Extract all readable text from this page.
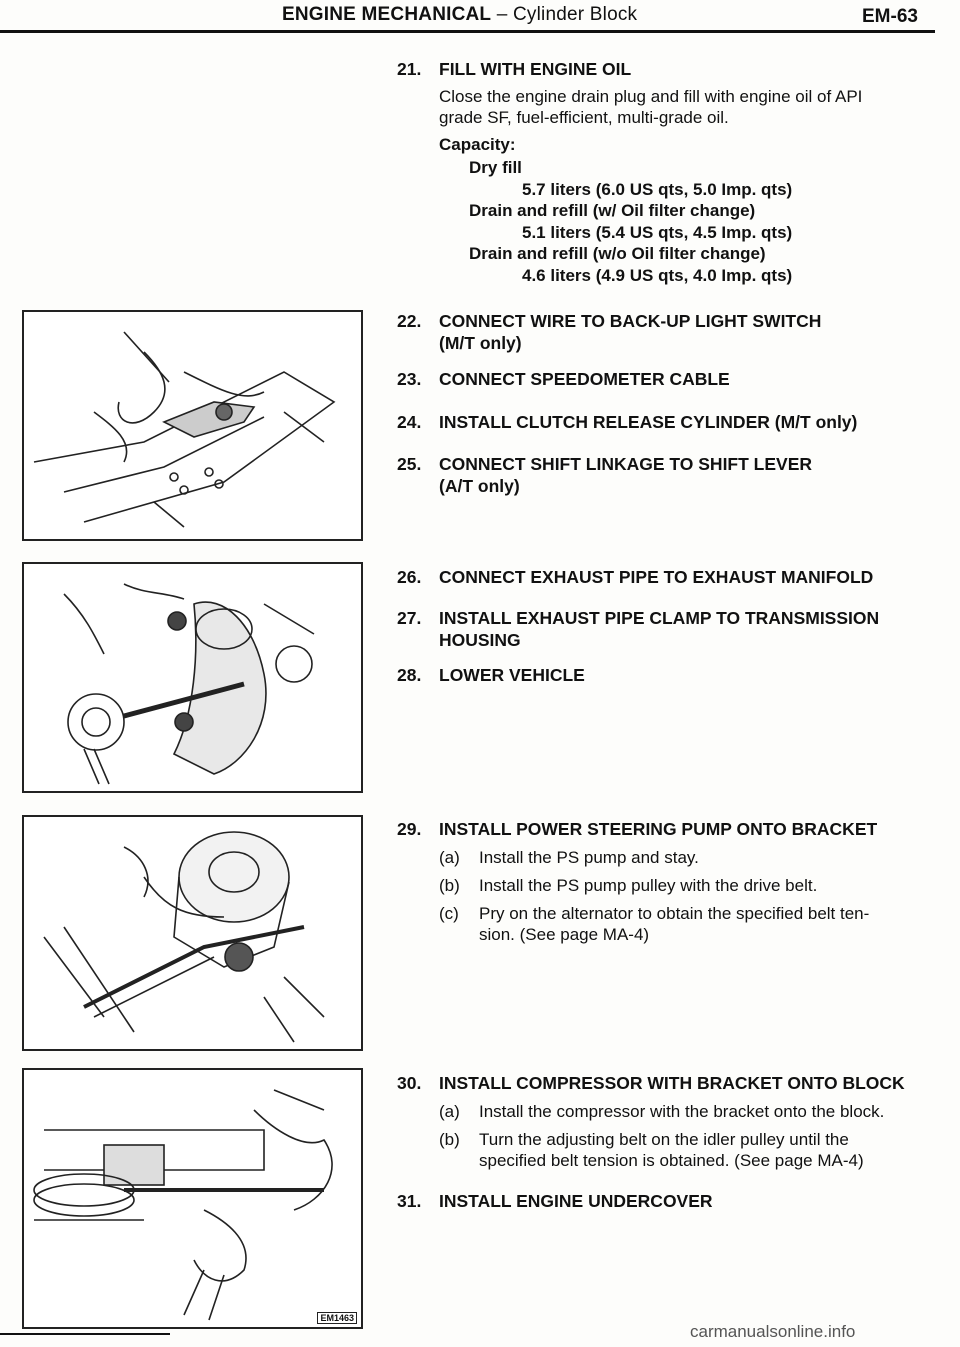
ENGINE MECHANICAL – Cylinder Block	EM-63
EM1463
21. FILL WITH ENGINE OIL
Close the engine drain plug and fill with engine oil of API
grade SF, fuel-efficient, multi-grade oil.
Capacity:
Dry fill
5.7 liters (6.0 US qts, 5.0 Imp. qts)
Drain and refill (w/ Oil filter change)
5.1 liters (5.4 US qts, 4.5 Imp. qts)
Drain and refill (w/o Oil filter change)
4.6 liters (4.9 US qts, 4.0 Imp. qts)
22. CONNECT WIRE TO BACK-UP LIGHT SWITCH
(M/T only)
23. CONNECT SPEEDOMETER CABLE
24. INSTALL CLUTCH RELEASE CYLINDER (M/T only)
25. CONNECT SHIFT LINKAGE TO SHIFT LEVER
(A/T only)
26. CONNECT EXHAUST PIPE TO EXHAUST MANIFOLD
27. INSTALL EXHAUST PIPE CLAMP TO TRANSMISSION
HOUSING
28. LOWER VEHICLE
29. INSTALL POWER STEERING PUMP ONTO BRACKET
(a) Install the PS pump and stay.
(b) Install the PS pump pulley with the drive belt.
(c) Pry on the alternator to obtain the specified belt ten-
sion. (See page MA-4)
30. INSTALL COMPRESSOR WITH BRACKET ONTO BLOCK
(a) Install the compressor with the bracket onto the block.
(b) Turn the adjusting belt on the idler pulley until the
specified belt tension is obtained. (See page MA-4)
31. INSTALL ENGINE UNDERCOVER
carmanualsonline.info
